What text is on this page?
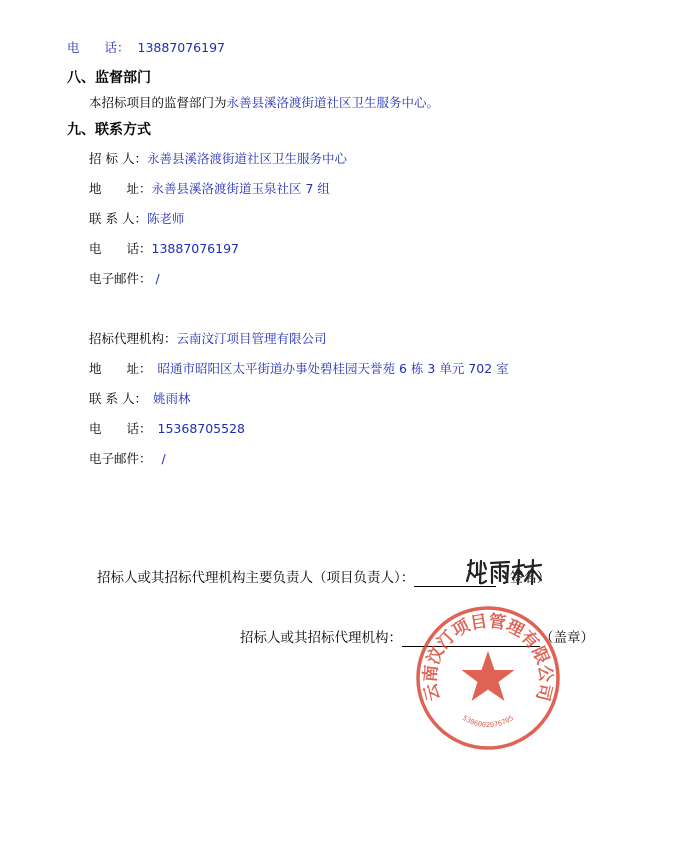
电　　话： 13887076197
八、监督部门
本招标项目的监督部门为永善县溪洛渡街道社区卫生服务中心。
九、联系方式
招 标 人：永善县溪洛渡街道社区卫生服务中心
地　　址：永善县溪洛渡街道玉泉社区 7 组
联 系 人：陈老师
电　　话：13887076197
电子邮件： /
招标代理机构：云南汶汀项目管理有限公司
地　　址： 昭通市昭阳区太平街道办事处碧桂园天誉苑 6 栋 3 单元 702 室
联 系 人： 姚雨林
电　　话： 15368705528
电子邮件： /
招标人或其招标代理机构主要负责人（项目负责人）：	（签名）
招标人或其招标代理机构：	（盖章）
云南汶汀项目管理有限公司
5306002076705
